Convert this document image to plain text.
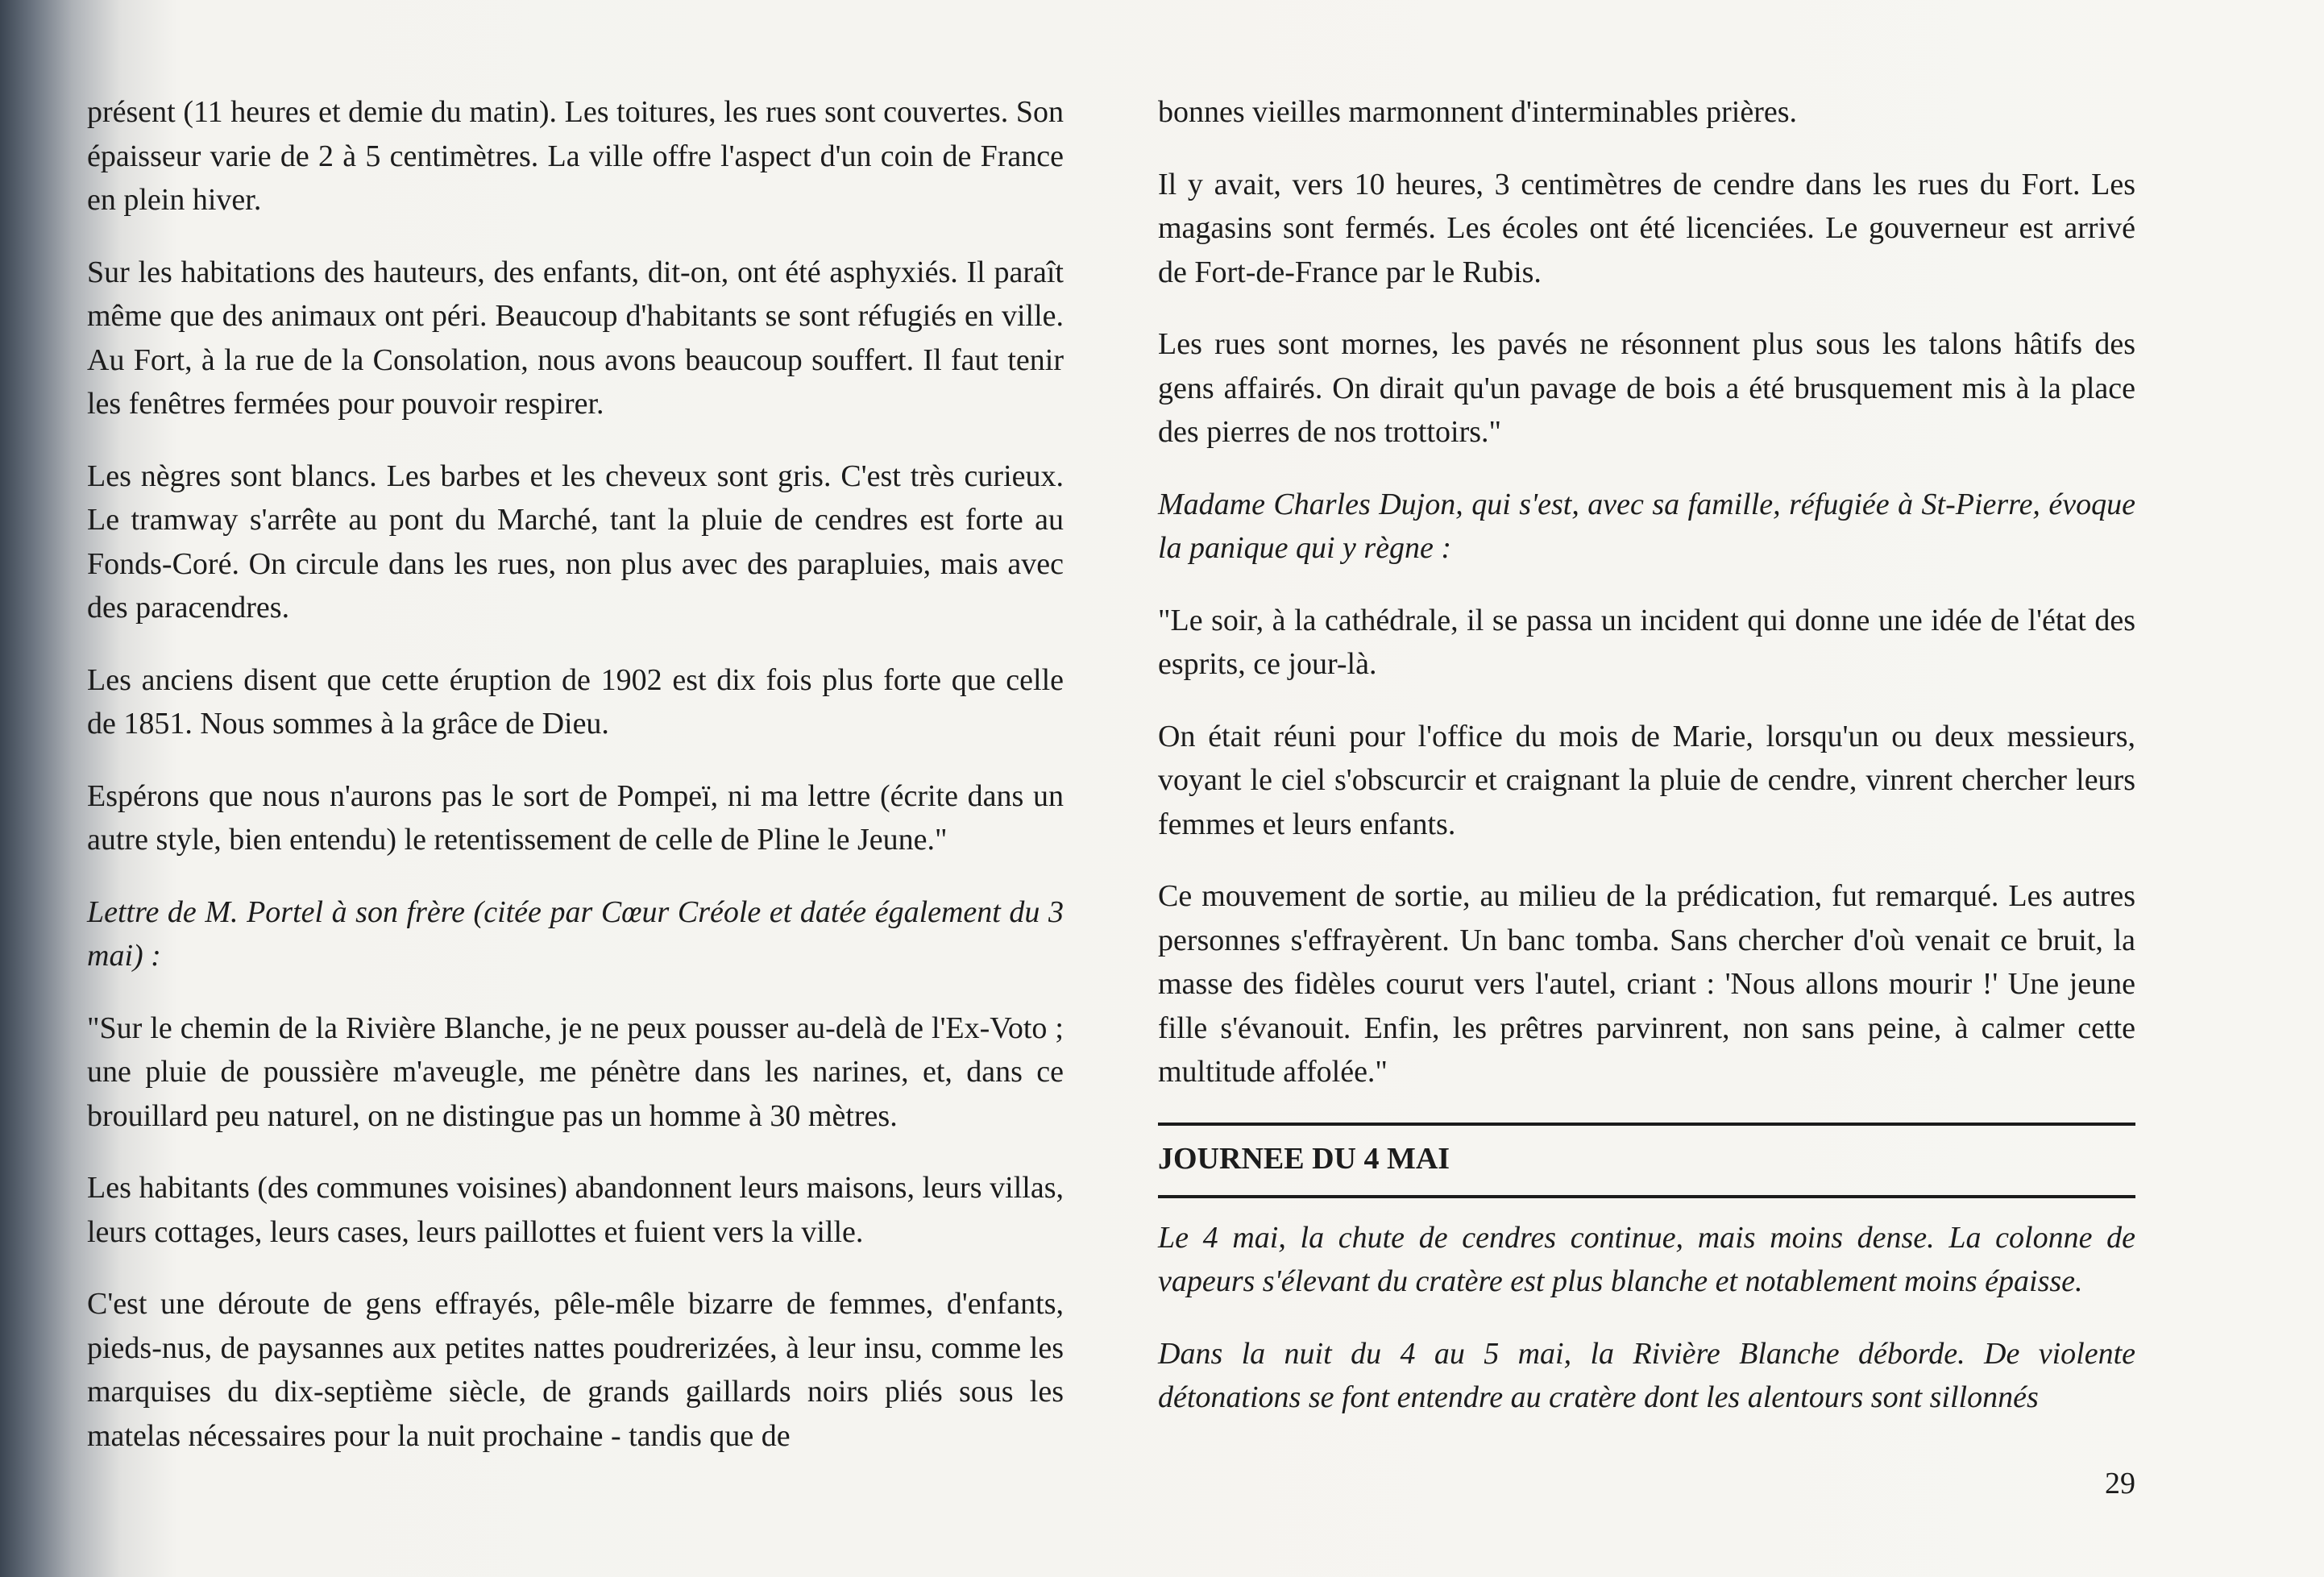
présent (11 heures et demie du matin). Les toitures, les rues sont couvertes. Son épaisseur varie de 2 à 5 centimètres. La ville offre l'aspect d'un coin de France en plein hiver.

Sur les habitations des hauteurs, des enfants, dit-on, ont été asphyxiés. Il paraît même que des animaux ont péri. Beaucoup d'habitants se sont réfugiés en ville. Au Fort, à la rue de la Consolation, nous avons beaucoup souffert. Il faut tenir les fenêtres fermées pour pouvoir respirer.

Les nègres sont blancs. Les barbes et les cheveux sont gris. C'est très curieux. Le tramway s'arrête au pont du Marché, tant la pluie de cendres est forte au Fonds-Coré. On circule dans les rues, non plus avec des parapluies, mais avec des paracendres.

Les anciens disent que cette éruption de 1902 est dix fois plus forte que celle de 1851. Nous sommes à la grâce de Dieu.

Espérons que nous n'aurons pas le sort de Pompeï, ni ma lettre (écrite dans un autre style, bien entendu) le retentissement de celle de Pline le Jeune."

Lettre de M. Portel à son frère (citée par Cœur Créole et datée également du 3 mai) :

"Sur le chemin de la Rivière Blanche, je ne peux pousser au-delà de l'Ex-Voto ; une pluie de poussière m'aveugle, me pénètre dans les narines, et, dans ce brouillard peu naturel, on ne distingue pas un homme à 30 mètres.

Les habitants (des communes voisines) abandonnent leurs maisons, leurs villas, leurs cottages, leurs cases, leurs paillottes et fuient vers la ville.

C'est une déroute de gens effrayés, pêle-mêle bizarre de femmes, d'enfants, pieds-nus, de paysannes aux petites nattes poudrerizées, à leur insu, comme les marquises du dix-septième siècle, de grands gaillards noirs pliés sous les matelas nécessaires pour la nuit prochaine - tandis que de

bonnes vieilles marmonnent d'interminables prières.

Il y avait, vers 10 heures, 3 centimètres de cendre dans les rues du Fort. Les magasins sont fermés. Les écoles ont été licenciées. Le gouverneur est arrivé de Fort-de-France par le Rubis.

Les rues sont mornes, les pavés ne résonnent plus sous les talons hâtifs des gens affairés. On dirait qu'un pavage de bois a été brusquement mis à la place des pierres de nos trottoirs."

Madame Charles Dujon, qui s'est, avec sa famille, réfugiée à St-Pierre, évoque la panique qui y règne :

"Le soir, à la cathédrale, il se passa un incident qui donne une idée de l'état des esprits, ce jour-là.

On était réuni pour l'office du mois de Marie, lorsqu'un ou deux messieurs, voyant le ciel s'obscurcir et craignant la pluie de cendre, vinrent chercher leurs femmes et leurs enfants.

Ce mouvement de sortie, au milieu de la prédication, fut remarqué. Les autres personnes s'effrayèrent. Un banc tomba. Sans chercher d'où venait ce bruit, la masse des fidèles courut vers l'autel, criant : 'Nous allons mourir !' Une jeune fille s'évanouit. Enfin, les prêtres parvinrent, non sans peine, à calmer cette multitude affolée."

JOURNEE DU 4 MAI

Le 4 mai, la chute de cendres continue, mais moins dense. La colonne de vapeurs s'élevant du cratère est plus blanche et notablement moins épaisse.

Dans la nuit du 4 au 5 mai, la Rivière Blanche déborde. De violente détonations se font entendre au cratère dont les alentours sont sillonnés

29
